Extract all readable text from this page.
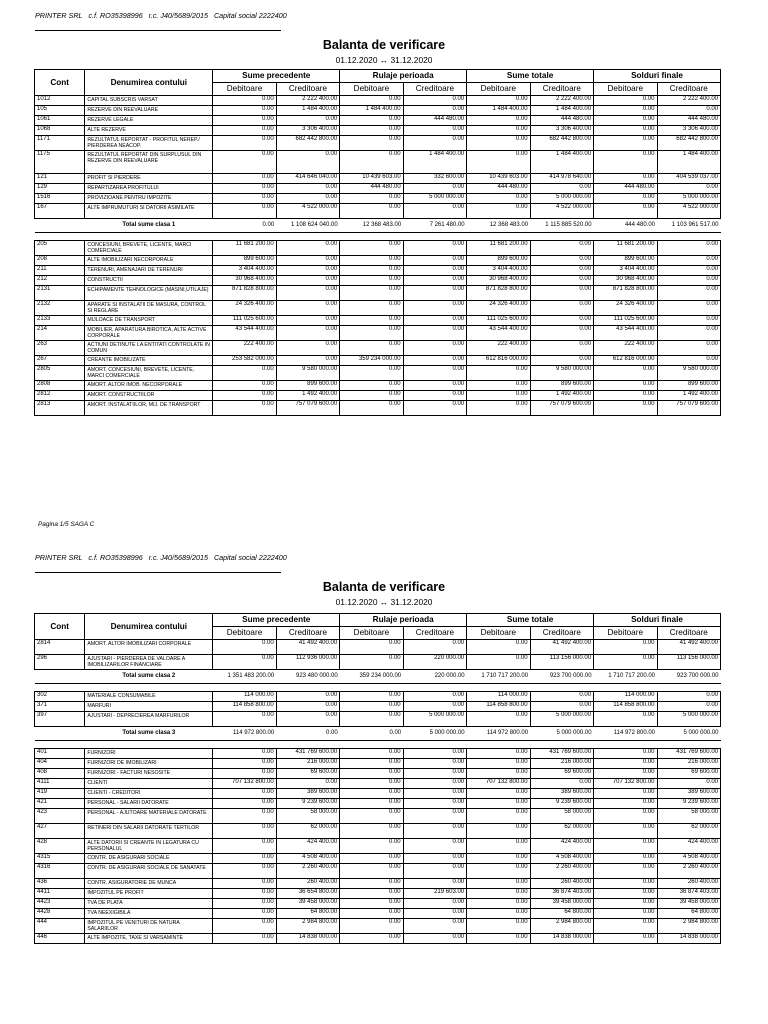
PRINTER SRL   c.f. RO35398996   r.c. J40/5689/2015   Capital social 2222400
Balanta de verificare
01.12.2020 ↔ 31.12.2020
Cont	Denumirea contului	Sume precedente		Rulaje perioada		Sume totale		Solduri finale	
		Debitoare	Creditoare	Debitoare	Creditoare	Debitoare	Creditoare	Debitoare	Creditoare
1012	CAPITAL SUBSCRIS VARSAT	0.00	2 222 400.00	0.00	0.00	0.00	2 222 400.00	0.00	2 222 400.00
105	REZERVE DIN REEVALUARE	0.00	1 484 400.00	1 484 400.00	0.00	1 484 400.00	1 484 400.00	0.00	0.00
1061	REZERVE LEGALE	0.00	0.00	0.00	444 480.00	0.00	444 480.00	0.00	444 480.00
1068	ALTE REZERVE	0.00	3 306 400.00	0.00	0.00	0.00	3 306 400.00	0.00	3 306 400.00
1171	REZULTATUL REPORTAT - PROFITUL NEREP./ PIERDEREA NEACOP.	0.00	682 442 800.00	0.00	0.00	0.00	682 442 800.00	0.00	682 442 800.00
1175	REZULTATUL REPORTAT DIN SURPLUSUL DIN REZERVE DIN REEVALUARE	0.00	0.00	0.00	1 484 400.00	0.00	1 484 400.00	0.00	1 484 400.00
121	PROFIT SI PIERDERE	0.00	414 646 040.00	10 439 603.00	332 600.00	10 439 603.00	414 978 640.00	0.00	404 539 037.00
129	REPARTIZAREA PROFITULUI	0.00	0.00	444 480.00	0.00	444 480.00	0.00	444 480.00	0.00
1516	PROVIZIOANE PENTRU IMPOZITE	0.00	0.00	0.00	5 000 000.00	0.00	5 000 000.00	0.00	5 000 000.00
167	ALTE IMPRUMUTURI SI DATORII ASIMILATE	0.00	4 522 000.00	0.00	0.00	0.00	4 522 000.00	0.00	4 522 000.00
	Total sume clasa 1	0.00	1 108 624 040.00	12 368 483.00	7 261 480.00	12 368 483.00	1 115 885 520.00	444 480.00	1 103 961 517.00

205	CONCESIUNI, BREVETE, LICENTE, MARCI COMERCIALE	11 681 200.00	0.00	0.00	0.00	11 681 200.00	0.00	11 681 200.00	0.00
208	ALTE IMOBILIZARI NECORPORALE	899 600.00	0.00	0.00	0.00	899 600.00	0.00	899 600.00	0.00
211	TERENURI, AMENAJARI DE TERENURI	3 404 400.00	0.00	0.00	0.00	3 404 400.00	0.00	3 404 400.00	0.00
212	CONSTRUCTII	30 968 400.00	0.00	0.00	0.00	30 968 400.00	0.00	30 968 400.00	0.00
2131	ECHIPAMENTE TEHNOLOGICE (MASINI,UTILAJE)	871 828 800.00	0.00	0.00	0.00	871 828 800.00	0.00	871 828 800.00	0.00
2132	APARATE SI INSTALATII DE MASURA, CONTROL SI REGLARE	24 326 400.00	0.00	0.00	0.00	24 326 400.00	0.00	24 326 400.00	0.00
2133	MIJLOACE DE TRANSPORT	111 025 600.00	0.00	0.00	0.00	111 025 600.00	0.00	111 025 600.00	0.00
214	MOBILIER, APARATURA BIROTICA, ALTE ACTIVE CORPORALE	43 544 400.00	0.00	0.00	0.00	43 544 400.00	0.00	43 544 400.00	0.00
263	ACTIUNI DETINUTE LA ENTITATI CONTROLATE IN COMUN	222 400.00	0.00	0.00	0.00	222 400.00	0.00	222 400.00	0.00
267	CREANTE IMOBILIZATE	253 582 000.00	0.00	359 234 000.00	0.00	612 816 000.00	0.00	612 816 000.00	0.00
2805	AMORT. CONCESIUNI, BREVETE, LICENTE, MARCI COMERCIALE	0.00	9 580 000.00	0.00	0.00	0.00	9 580 000.00	0.00	9 580 000.00
2808	AMORT. ALTOR IMOB. NECORPORALE	0.00	899 600.00	0.00	0.00	0.00	899 600.00	0.00	899 600.00
2812	AMORT. CONSTRUCTIILOR	0.00	1 492 400.00	0.00	0.00	0.00	1 492 400.00	0.00	1 492 400.00
2813	AMORT. INSTALATIILOR, MIJ. DE TRANSPORT	0.00	757 079 600.00	0.00	0.00	0.00	757 079 600.00	0.00	757 079 600.00
Pagina 1/5 SAGA C
PRINTER SRL   c.f. RO35398996   r.c. J40/5689/2015   Capital social 2222400
Balanta de verificare
01.12.2020 ↔ 31.12.2020
Cont	Denumirea contului	Sume precedente		Rulaje perioada		Sume totale		Solduri finale	
		Debitoare	Creditoare	Debitoare	Creditoare	Debitoare	Creditoare	Debitoare	Creditoare
2814	AMORT. ALTOR IMOBILIZARI CORPORALE	0.00	41 492 400.00	0.00	0.00	0.00	41 492 400.00	0.00	41 492 400.00
296	AJUSTARI - PIERDEREA DE VALOARE A IMOBILIZARILOR FINANCIARE	0.00	112 936 000.00	0.00	220 000.00	0.00	113 156 000.00	0.00	113 156 000.00
	Total sume clasa 2	1 351 483 200.00	923 480 000.00	359 234 000.00	220 000.00	1 710 717 200.00	923 700 000.00	1 710 717 200.00	923 700 000.00

302	MATERIALE CONSUMABILE	114 000.00	0.00	0.00	0.00	114 000.00	0.00	114 000.00	0.00
371	MARFURI	114 858 800.00	0.00	0.00	0.00	114 858 800.00	0.00	114 858 800.00	0.00
397	AJUSTARI - DEPRECIEREA MARFURILOR	0.00	0.00	0.00	5 000 000.00	0.00	5 000 000.00	0.00	5 000 000.00
	Total sume clasa 3	114 972 800.00	0.00	0.00	5 000 000.00	114 972 800.00	5 000 000.00	114 972 800.00	5 000 000.00

401	FURNIZORI	0.00	431 769 600.00	0.00	0.00	0.00	431 769 600.00	0.00	431 769 600.00
404	FURNIZORI DE IMOBILIZARI	0.00	216 000.00	0.00	0.00	0.00	216 000.00	0.00	216 000.00
408	FURNIZORI - FACTURI NESOSITE	0.00	69 600.00	0.00	0.00	0.00	69 600.00	0.00	69 600.00
4111	CLIENTI	707 132 800.00	0.00	0.00	0.00	707 132 800.00	0.00	707 132 800.00	0.00
419	CLIENTI - CREDITORI	0.00	389 600.00	0.00	0.00	0.00	389 600.00	0.00	389 600.00
421	PERSONAL - SALARII DATORATE	0.00	9 239 600.00	0.00	0.00	0.00	9 239 600.00	0.00	9 239 600.00
423	PERSONAL - AJUTOARE MATERIALE DATORATE	0.00	58 000.00	0.00	0.00	0.00	58 000.00	0.00	58 000.00
427	RETINERI DIN SALARII DATORATE TERTILOR	0.00	62 000.00	0.00	0.00	0.00	62 000.00	0.00	62 000.00
428	ALTE DATORII SI CREANTE IN LEGATURA CU PERSONALUL	0.00	424 400.00	0.00	0.00	0.00	424 400.00	0.00	424 400.00
4315	CONTR. DE ASIGURARI SOCIALE	0.00	4 508 400.00	0.00	0.00	0.00	4 508 400.00	0.00	4 508 400.00
4316	CONTR. DE ASIGURARI SOCIALE DE SANATATE	0.00	2 260 400.00	0.00	0.00	0.00	2 260 400.00	0.00	2 260 400.00
436	CONTR. ASIGURATORIE DE MUNCA	0.00	260 400.00	0.00	0.00	0.00	260 400.00	0.00	260 400.00
4411	IMPOZITUL PE PROFIT	0.00	36 654 800.00	0.00	219 603.00	0.00	36 874 403.00	0.00	36 874 403.00
4423	TVA DE PLATA	0.00	39 458 000.00	0.00	0.00	0.00	39 458 000.00	0.00	39 458 000.00
4428	TVA NEEXIGIBILA	0.00	64 800.00	0.00	0.00	0.00	64 800.00	0.00	64 800.00
444	IMPOZITUL PE VENITURI DE NATURA SALARIILOR	0.00	2 984 800.00	0.00	0.00	0.00	2 984 800.00	0.00	2 984 800.00
446	ALTE IMPOZITE, TAXE SI VARSAMINTE	0.00	14 838 000.00	0.00	0.00	0.00	14 838 000.00	0.00	14 838 000.00
